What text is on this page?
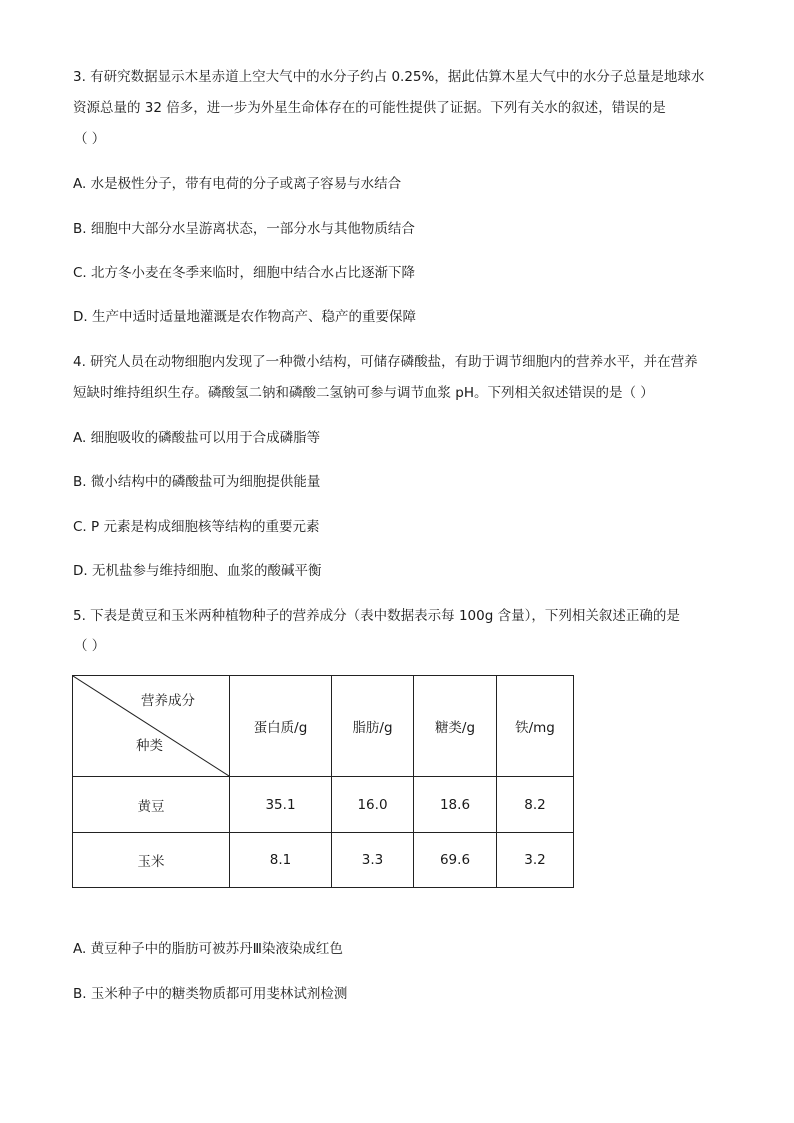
3. 有研究数据显示木星赤道上空大气中的水分子约占 0.25%，据此估算木星大气中的水分子总量是地球水
资源总量的 32 倍多，进一步为外星生命体存在的可能性提供了证据。下列有关水的叙述，错误的是
（ ）
A. 水是极性分子，带有电荷的分子或离子容易与水结合
B. 细胞中大部分水呈游离状态，一部分水与其他物质结合
C. 北方冬小麦在冬季来临时，细胞中结合水占比逐渐下降
D. 生产中适时适量地灌溉是农作物高产、稳产的重要保障
4. 研究人员在动物细胞内发现了一种微小结构，可储存磷酸盐，有助于调节细胞内的营养水平，并在营养
短缺时维持组织生存。磷酸氢二钠和磷酸二氢钠可参与调节血浆 pH。下列相关叙述错误的是（ ）
A. 细胞吸收的磷酸盐可以用于合成磷脂等
B. 微小结构中的磷酸盐可为细胞提供能量
C. P 元素是构成细胞核等结构的重要元素
D. 无机盐参与维持细胞、血浆的酸碱平衡
5. 下表是黄豆和玉米两种植物种子的营养成分（表中数据表示每 100g 含量），下列相关叙述正确的是
（ ）
营养成分
种类	蛋白质/g	脂肪/g	糖类/g	铁/mg
黄豆	35.1	16.0	18.6	8.2
玉米	8.1	3.3	69.6	3.2
A. 黄豆种子中的脂肪可被苏丹Ⅲ染液染成红色
B. 玉米种子中的糖类物质都可用斐林试剂检测
